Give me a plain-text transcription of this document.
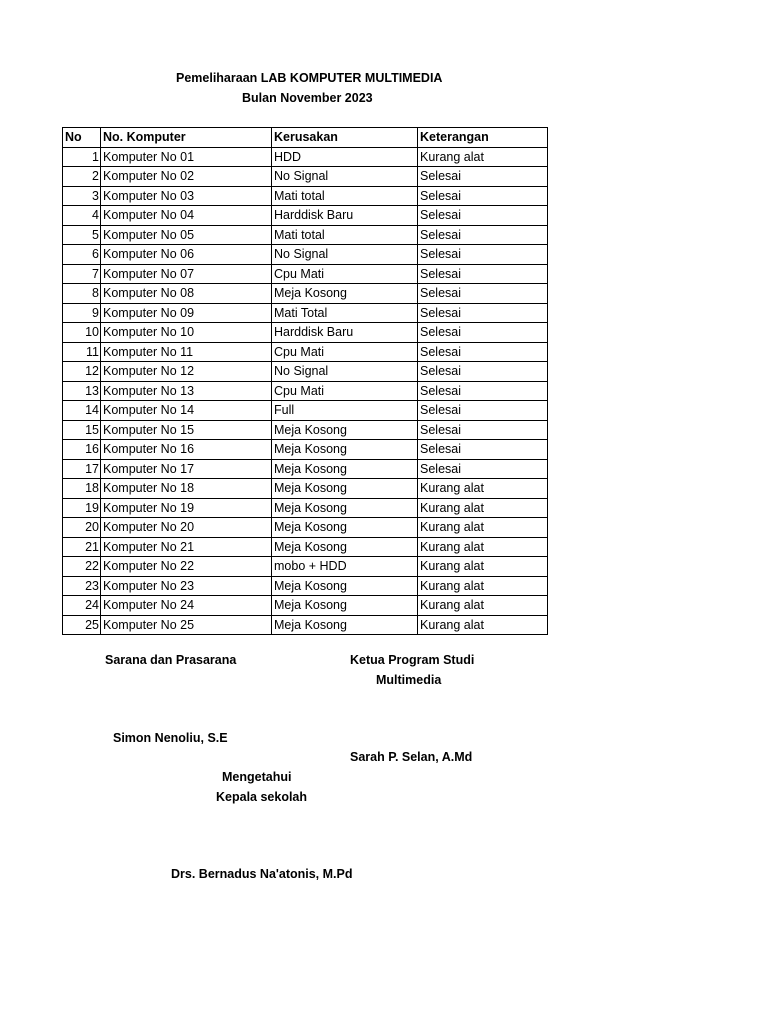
Pemeliharaan LAB KOMPUTER MULTIMEDIA
Bulan November 2023
No	No. Komputer	Kerusakan	Keterangan
1	Komputer No 01	HDD	Kurang alat
2	Komputer No 02	No Signal	Selesai
3	Komputer No 03	Mati total	Selesai
4	Komputer No 04	Harddisk Baru	Selesai
5	Komputer No 05	Mati total	Selesai
6	Komputer No 06	No Signal	Selesai
7	Komputer No 07	Cpu Mati	Selesai
8	Komputer No 08	Meja Kosong	Selesai
9	Komputer No 09	Mati Total	Selesai
10	Komputer No 10	Harddisk Baru	Selesai
11	Komputer No 11	Cpu Mati	Selesai
12	Komputer No 12	No Signal	Selesai
13	Komputer No 13	Cpu Mati	Selesai
14	Komputer No 14	Full	Selesai
15	Komputer No 15	Meja Kosong	Selesai
16	Komputer No 16	Meja Kosong	Selesai
17	Komputer No 17	Meja Kosong	Selesai
18	Komputer No 18	Meja Kosong	Kurang alat
19	Komputer No 19	Meja Kosong	Kurang alat
20	Komputer No 20	Meja Kosong	Kurang alat
21	Komputer No 21	Meja Kosong	Kurang alat
22	Komputer No 22	mobo + HDD	Kurang alat
23	Komputer No 23	Meja Kosong	Kurang alat
24	Komputer No 24	Meja Kosong	Kurang alat
25	Komputer No 25	Meja Kosong	Kurang alat
Sarana dan Prasarana	Ketua Program Studi
Multimedia
Simon Nenoliu, S.E
Sarah P. Selan, A.Md
Mengetahui
Kepala sekolah
Drs. Bernadus Na'atonis, M.Pd
